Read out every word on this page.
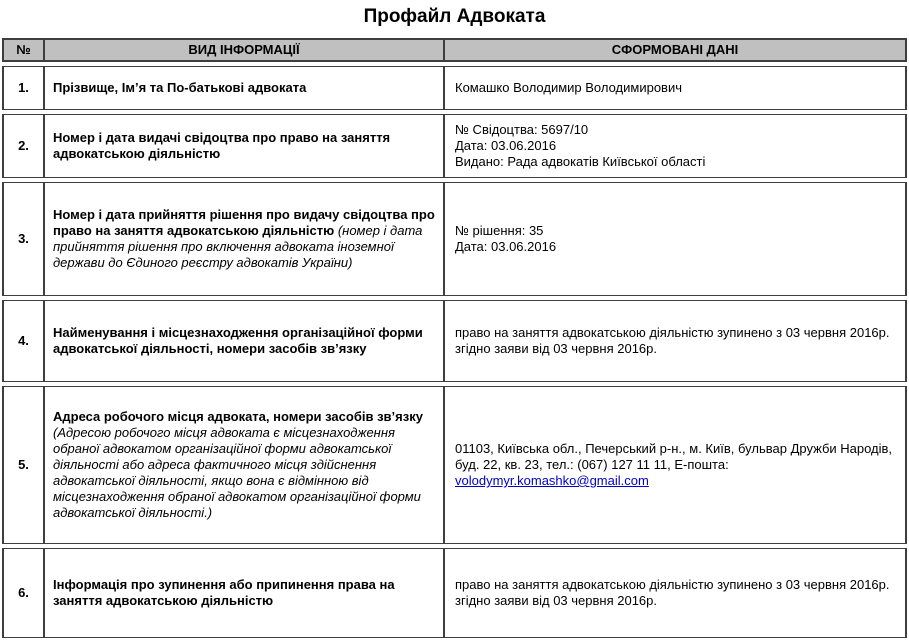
Профайл Адвоката
№	ВИД ІНФОРМАЦІЇ	СФОРМОВАНІ ДАНІ
1.	Прізвище, Ім’я та По-батькові адвоката	Комашко Володимир Володимирович

2.	Номер і дата видачі свідоцтва про право на заняття адвокатською діяльністю	№ Свідоцтва: 5697/10
Дата: 03.06.2016
Видано: Рада адвокатів Київської області

3.	Номер і дата прийняття рішення про видачу свідоцтва про право на заняття адвокатською діяльністю (номер і дата прийняття рішення про включення адвоката іноземної держави до Єдиного реєстру адвокатів України)	№ рішення: 35
Дата: 03.06.2016

4.	Найменування і місцезнаходження організаційної форми адвокатської діяльності, номери засобів зв’язку	право на заняття адвокатською діяльністю зупинено з 03 червня 2016р. згідно заяви від 03 червня 2016р.

5.	Адреса робочого місця адвоката, номери засобів зв’язку
(Адресою робочого місця адвоката є місцезнаходження обраної адвокатом організаційної форми адвокатської діяльності або адреса фактичного місця здійснення адвокатської діяльності, якщо вона є відмінною від місцезнаходження обраної адвокатом організаційної форми адвокатської діяльності.)	01103, Київська обл., Печерський р-н., м. Київ, бульвар Дружби Народів, буд. 22, кв. 23, тел.: (067) 127 11 11, E-пошта: volodymyr.komashko@gmail.com

6.	Інформація про зупинення або припинення права на заняття адвокатською діяльністю	право на заняття адвокатською діяльністю зупинено з 03 червня 2016р. згідно заяви від 03 червня 2016р.
